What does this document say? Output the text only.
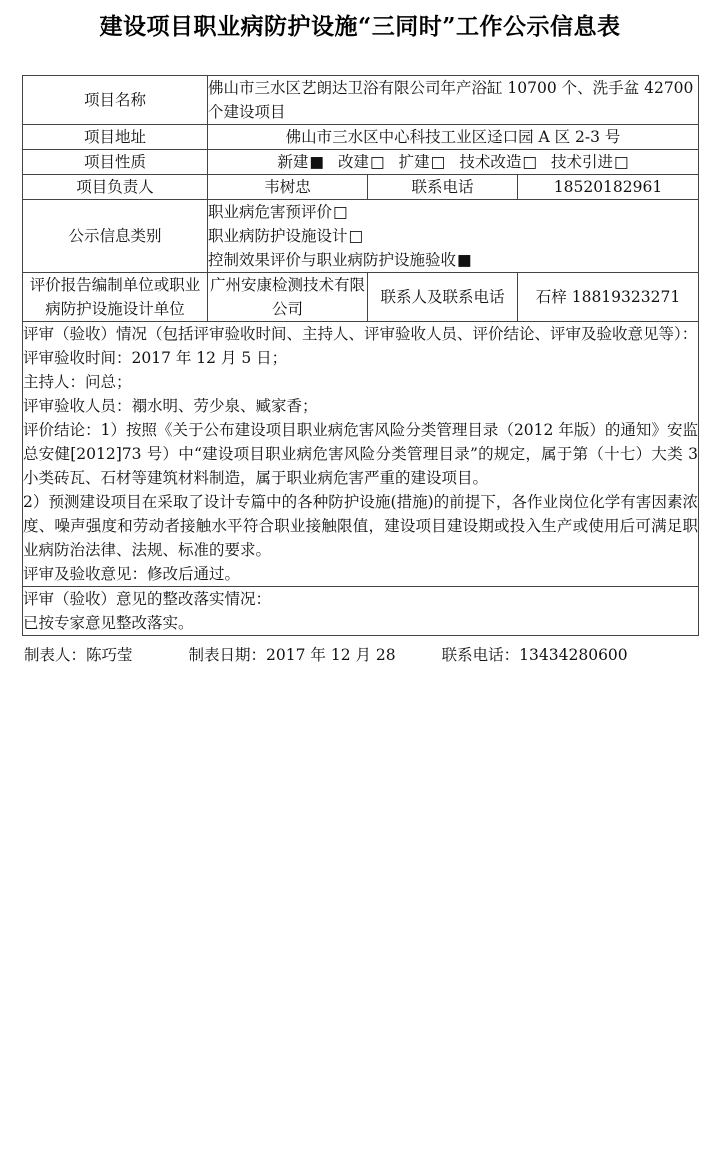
建设项目职业病防护设施“三同时”工作公示信息表
项目名称	佛山市三水区艺朗达卫浴有限公司年产浴缸 10700 个、洗手盆 42700 个建设项目		
项目地址	佛山市三水区中心科技工业区迳口园 A 区 2-3 号		
项目性质	新建 ■ 改建 □ 扩建 □ 技术改造 □ 技术引进 □
项目负责人	韦树忠	联系电话	18520182961
公示信息类别	职业病危害预评价 □
职业病防护设施设计 □
控制效果评价与职业病防护设施验收 ■

评价报告编制单位或职业病防护设施设计单位	广州安康检测技术有限公司	联系人及联系电话	石梓 18819323271

评审（验收）情况（包括评审验收时间、主持人、评审验收人员、评价结论、评审及验收意见等）：

评审验收时间：2017 年 12 月 5 日；

主持人：问总；

评审验收人员：禤水明、劳少泉、臧家香；

评价结论：1）按照《关于公布建设项目职业病危害风险分类管理目录（2012 年版）的通知》安监总安健[2012]73 号）中“建设项目职业病危害风险分类管理目录”的规定，属于第（十七）大类 3 小类砖瓦、石材等建筑材料制造，属于职业病危害严重的建设项目。

2）预测建设项目在采取了设计专篇中的各种防护设施(措施)的前提下，各作业岗位化学有害因素浓度、噪声强度和劳动者接触水平符合职业接触限值，建设项目建设期或投入生产或使用后可满足职业病防治法律、法规、标准的要求。

评审及验收意见：修改后通过。

评审（验收）意见的整改落实情况：

已按专家意见整改落实。			

制表人：陈巧莹	制表日期：2017 年 12 月 28	联系电话：13434280600
